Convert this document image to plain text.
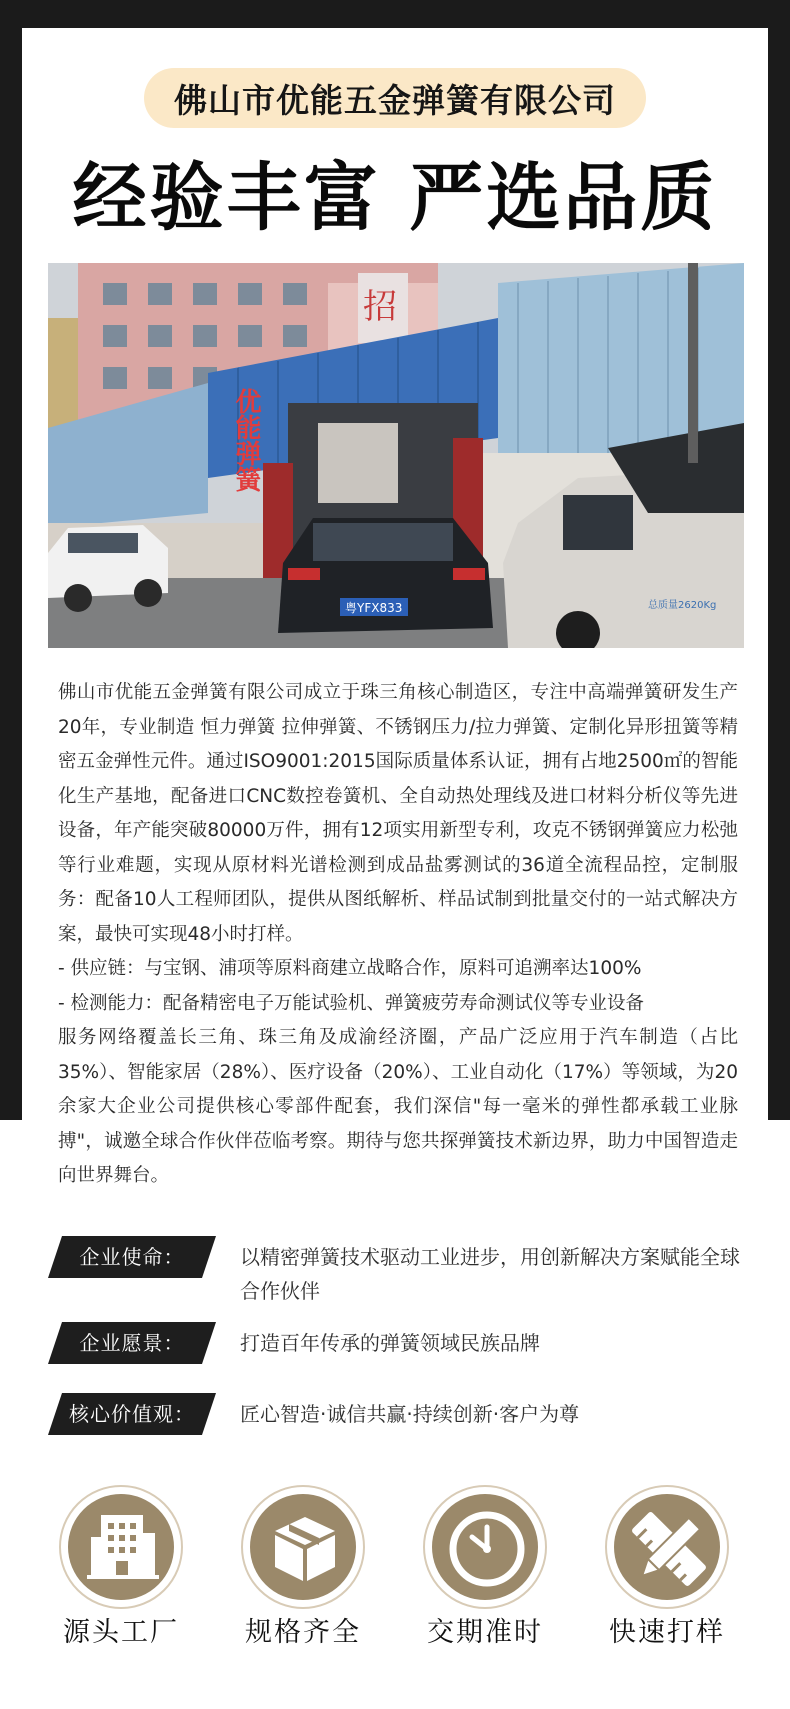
佛山市优能五金弹簧有限公司
经验丰富 严选品质
招
优能弹簧
粤YFX833	总质量2620Kg

佛山市优能五金弹簧有限公司成立于珠三角核心制造区，专注中高端弹簧研发生产20年，专业制造 恒力弹簧 拉伸弹簧、不锈钢压力/拉力弹簧、定制化异形扭簧等精密五金弹性元件。通过ISO9001:2015国际质量体系认证，拥有占地2500㎡的智能化生产基地，配备进口CNC数控卷簧机、全自动热处理线及进口材料分析仪等先进设备，年产能突破80000万件，拥有12项实用新型专利，攻克不锈钢弹簧应力松弛等行业难题，实现从原材料光谱检测到成品盐雾测试的36道全流程品控，定制服务：配备10人工程师团队，提供从图纸解析、样品试制到批量交付的一站式解决方案，最快可实现48小时打样。

- 供应链：与宝钢、浦项等原料商建立战略合作，原料可追溯率达100%

- 检测能力：配备精密电子万能试验机、弹簧疲劳寿命测试仪等专业设备

服务网络覆盖长三角、珠三角及成渝经济圈，产品广泛应用于汽车制造（占比35%）、智能家居（28%）、医疗设备（20%）、工业自动化（17%）等领域，为20余家大企业公司提供核心零部件配套，我们深信"每一毫米的弹性都承载工业脉搏"，诚邀全球合作伙伴莅临考察。期待与您共探弹簧技术新边界，助力中国智造走向世界舞台。

企业使命：	以精密弹簧技术驱动工业进步，用创新解决方案赋能全球合作伙伴
企业愿景：	打造百年传承的弹簧领域民族品牌
核心价值观：	匠心智造·诚信共赢·持续创新·客户为尊
源头工厂	规格齐全	交期准时	快速打样
